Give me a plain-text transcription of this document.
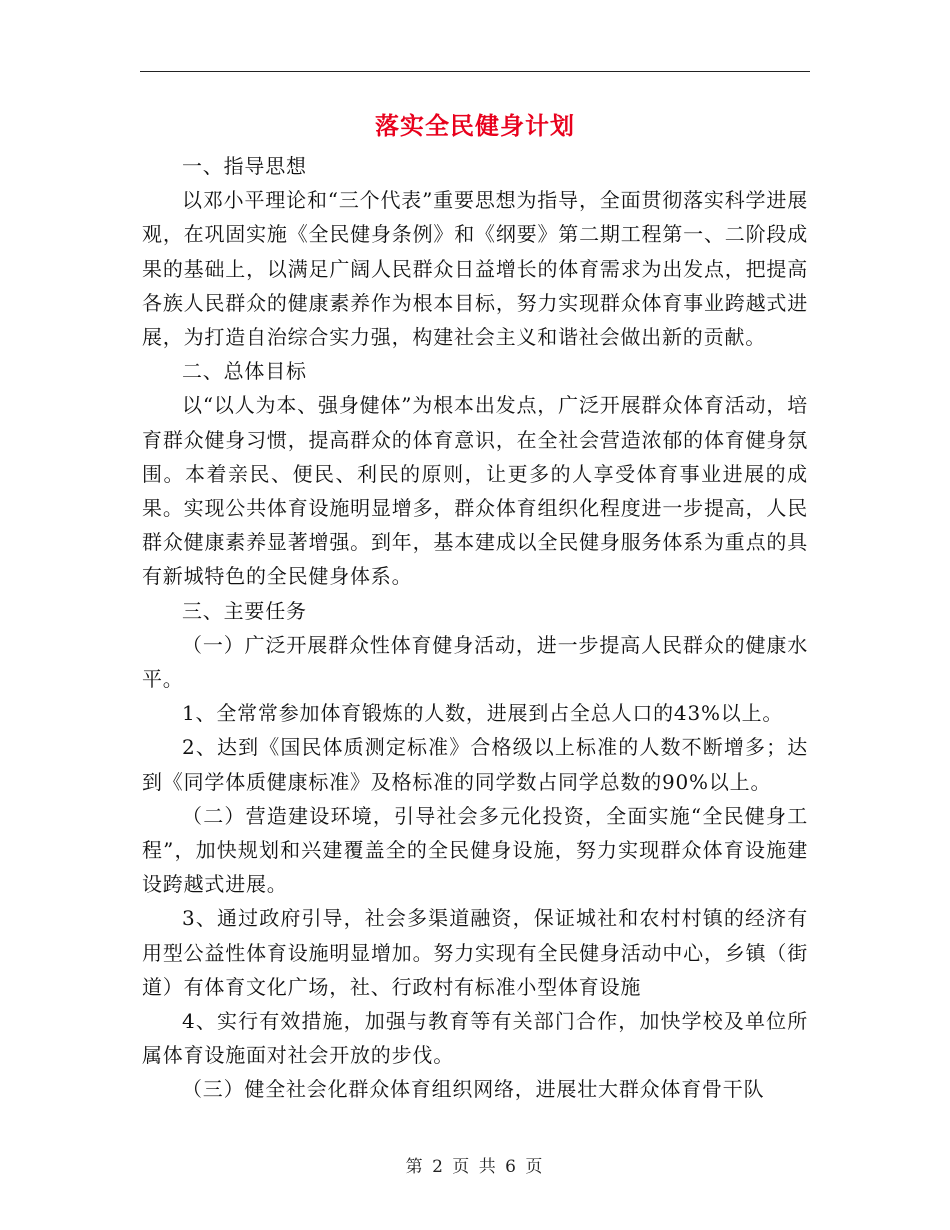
落实全民健身计划

一、指导思想

以邓小平理论和“三个代表”重要思想为指导，全面贯彻落实科学进展观，在巩固实施《全民健身条例》和《纲要》第二期工程第一、二阶段成果的基础上，以满足广阔人民群众日益增长的体育需求为出发点，把提高各族人民群众的健康素养作为根本目标，努力实现群众体育事业跨越式进展，为打造自治综合实力强，构建社会主义和谐社会做出新的贡献。

二、总体目标

以“以人为本、强身健体”为根本出发点，广泛开展群众体育活动，培育群众健身习惯，提高群众的体育意识，在全社会营造浓郁的体育健身氛围。本着亲民、便民、利民的原则，让更多的人享受体育事业进展的成果。实现公共体育设施明显增多，群众体育组织化程度进一步提高，人民群众健康素养显著增强。到年，基本建成以全民健身服务体系为重点的具有新城特色的全民健身体系。

三、主要任务

（一）广泛开展群众性体育健身活动，进一步提高人民群众的健康水平。

1、全常常参加体育锻炼的人数，进展到占全总人口的43%以上。

2、达到《国民体质测定标准》合格级以上标准的人数不断增多；达到《同学体质健康标准》及格标准的同学数占同学总数的90%以上。

（二）营造建设环境，引导社会多元化投资，全面实施“全民健身工程”，加快规划和兴建覆盖全的全民健身设施，努力实现群众体育设施建设跨越式进展。

3、通过政府引导，社会多渠道融资，保证城社和农村村镇的经济有用型公益性体育设施明显增加。努力实现有全民健身活动中心，乡镇（街道）有体育文化广场，社、行政村有标准小型体育设施

4、实行有效措施，加强与教育等有关部门合作，加快学校及单位所属体育设施面对社会开放的步伐。

（三）健全社会化群众体育组织网络，进展壮大群众体育骨干队

第 2 页 共 6 页
